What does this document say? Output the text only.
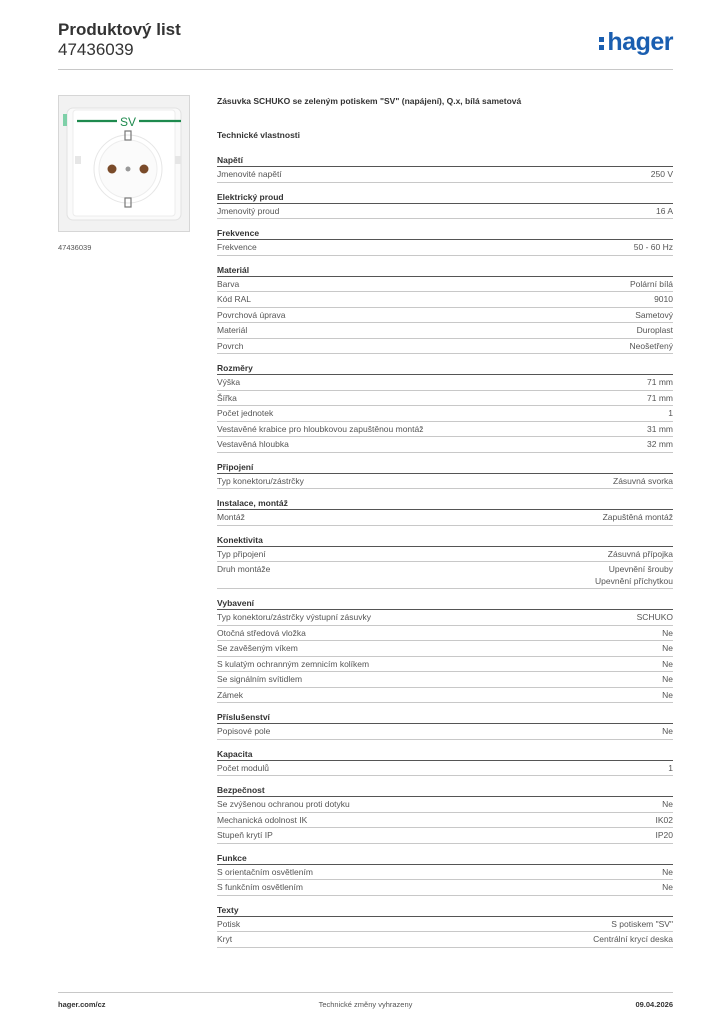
Produktový list
47436039	hager
SV
47436039
Zásuvka SCHUKO se zeleným potiskem "SV" (napájení), Q.x, bílá sametová
Technické vlastnosti
Napětí
Jmenovité napětí	250 V
Elektrický proud
Jmenovitý proud	16 A
Frekvence
Frekvence	50 - 60 Hz
Materiál
Barva	Polární bílá
Kód RAL	9010
Povrchová úprava	Sametový
Materiál	Duroplast
Povrch	Neošetřený
Rozměry
Výška	71 mm
Šířka	71 mm
Počet jednotek	1
Vestavěné krabice pro hloubkovou zapuštěnou montáž	31 mm
Vestavěná hloubka	32 mm
Připojení
Typ konektoru/zástrčky	Zásuvná svorka
Instalace, montáž
Montáž	Zapuštěná montáž
Konektivita
Typ připojení	Zásuvná přípojka
Druh montáže	Upevnění šrouby
Upevnění příchytkou
Vybavení
Typ konektoru/zástrčky výstupní zásuvky	SCHUKO
Otočná středová vložka	Ne
Se zavěšeným víkem	Ne
S kulatým ochranným zemnicím kolíkem	Ne
Se signálním svítidlem	Ne
Zámek	Ne
Příslušenství
Popisové pole	Ne
Kapacita
Počet modulů	1
Bezpečnost
Se zvýšenou ochranou proti dotyku	Ne
Mechanická odolnost IK	IK02
Stupeň krytí IP	IP20
Funkce
S orientačním osvětlením	Ne
S funkčním osvětlením	Ne
Texty
Potisk	S potiskem "SV"
Kryt	Centrální krycí deska
hager.com/cz	Technické změny vyhrazeny	09.04.2026
